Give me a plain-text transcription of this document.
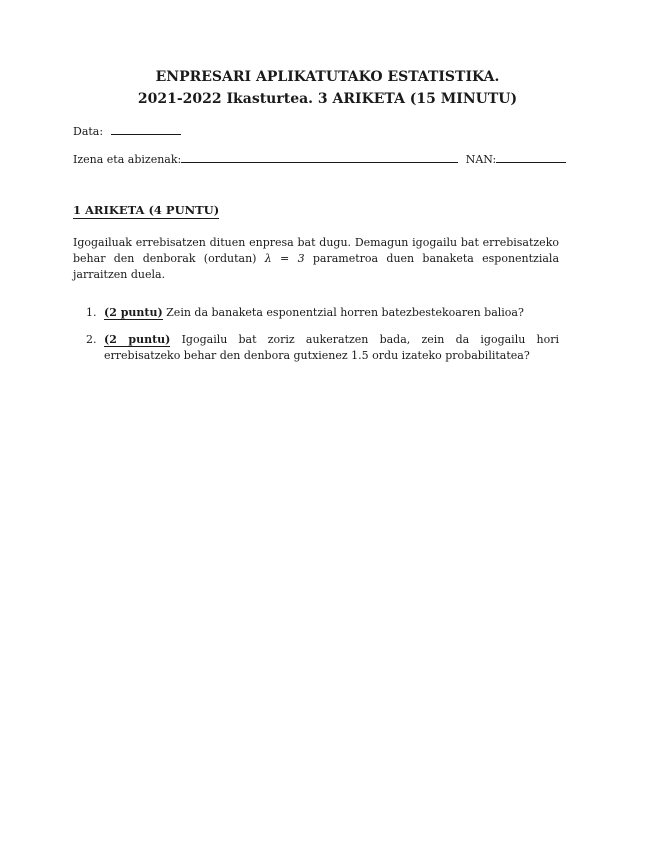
ENPRESARI APLIKATUTAKO ESTATISTIKA.
2021-2022 Ikasturtea. 3 ARIKETA (15 MINUTU)
Data:
Izena eta abizenak:	NAN:
1 ARIKETA (4 PUNTU)

Igogailuak errebisatzen dituen enpresa bat dugu. Demagun igogailu bat errebisatzeko behar den denborak (ordutan) λ = 3 parametroa duen banaketa esponentziala jarraitzen duela.

1. (2 puntu) Zein da banaketa esponentzial horren batezbestekoaren balioa?
2. (2 puntu) Igogailu bat zoriz aukeratzen bada, zein da igogailu hori errebisatzeko behar den denbora gutxienez 1.5 ordu izateko probabilitatea?
